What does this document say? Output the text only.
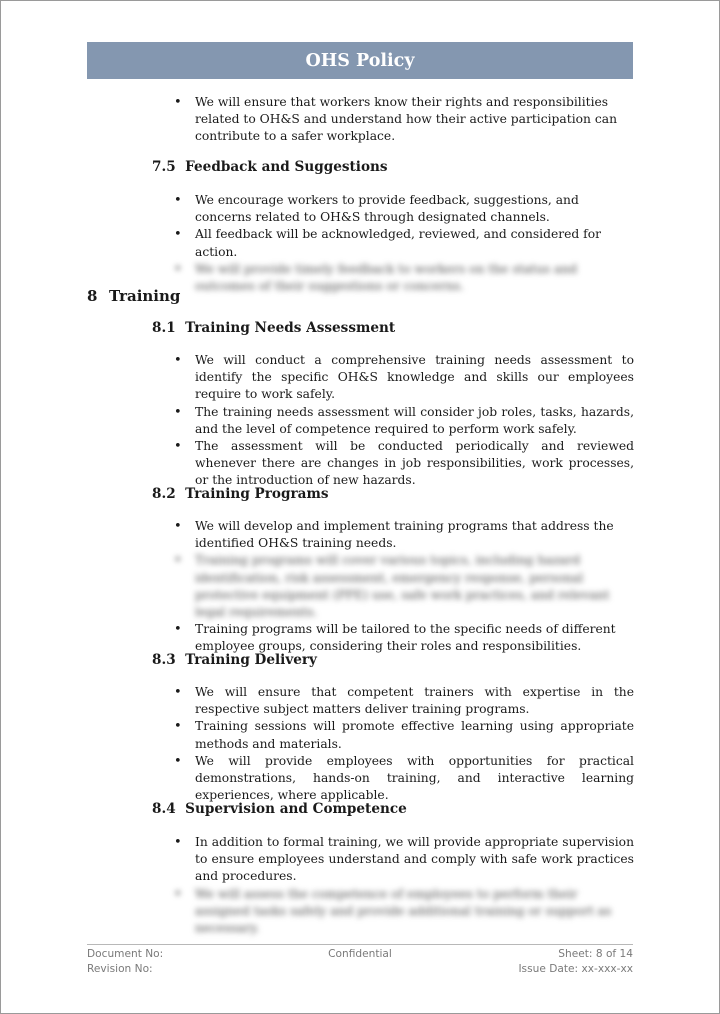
OHS Policy
• We will ensure that workers know their rights and responsibilities related to OH&S and understand how their active participation can contribute to a safer workplace.
7.5 Feedback and Suggestions
• We encourage workers to provide feedback, suggestions, and concerns related to OH&S through designated channels.
• All feedback will be acknowledged, reviewed, and considered for action.
• We will provide timely feedback to workers on the status and outcomes of their suggestions or concerns.
8 Training
8.1 Training Needs Assessment
• We will conduct a comprehensive training needs assessment to identify the specific OH&S knowledge and skills our employees require to work safely.
• The training needs assessment will consider job roles, tasks, hazards, and the level of competence required to perform work safely.
• The assessment will be conducted periodically and reviewed whenever there are changes in job responsibilities, work processes, or the introduction of new hazards.
8.2 Training Programs
• We will develop and implement training programs that address the identified OH&S training needs.
• Training programs will cover various topics, including hazard identification, risk assessment, emergency response, personal protective equipment (PPE) use, safe work practices, and relevant legal requirements.
• Training programs will be tailored to the specific needs of different employee groups, considering their roles and responsibilities.
8.3 Training Delivery
• We will ensure that competent trainers with expertise in the respective subject matters deliver training programs.
• Training sessions will promote effective learning using appropriate methods and materials.
• We will provide employees with opportunities for practical demonstrations, hands-on training, and interactive learning experiences, where applicable.
8.4 Supervision and Competence
• In addition to formal training, we will provide appropriate supervision to ensure employees understand and comply with safe work practices and procedures.
• We will assess the competence of employees to perform their assigned tasks safely and provide additional training or support as necessary.
Confidential
Document No:
Revision No:
Sheet: 8 of 14
Issue Date: xx-xxx-xx
